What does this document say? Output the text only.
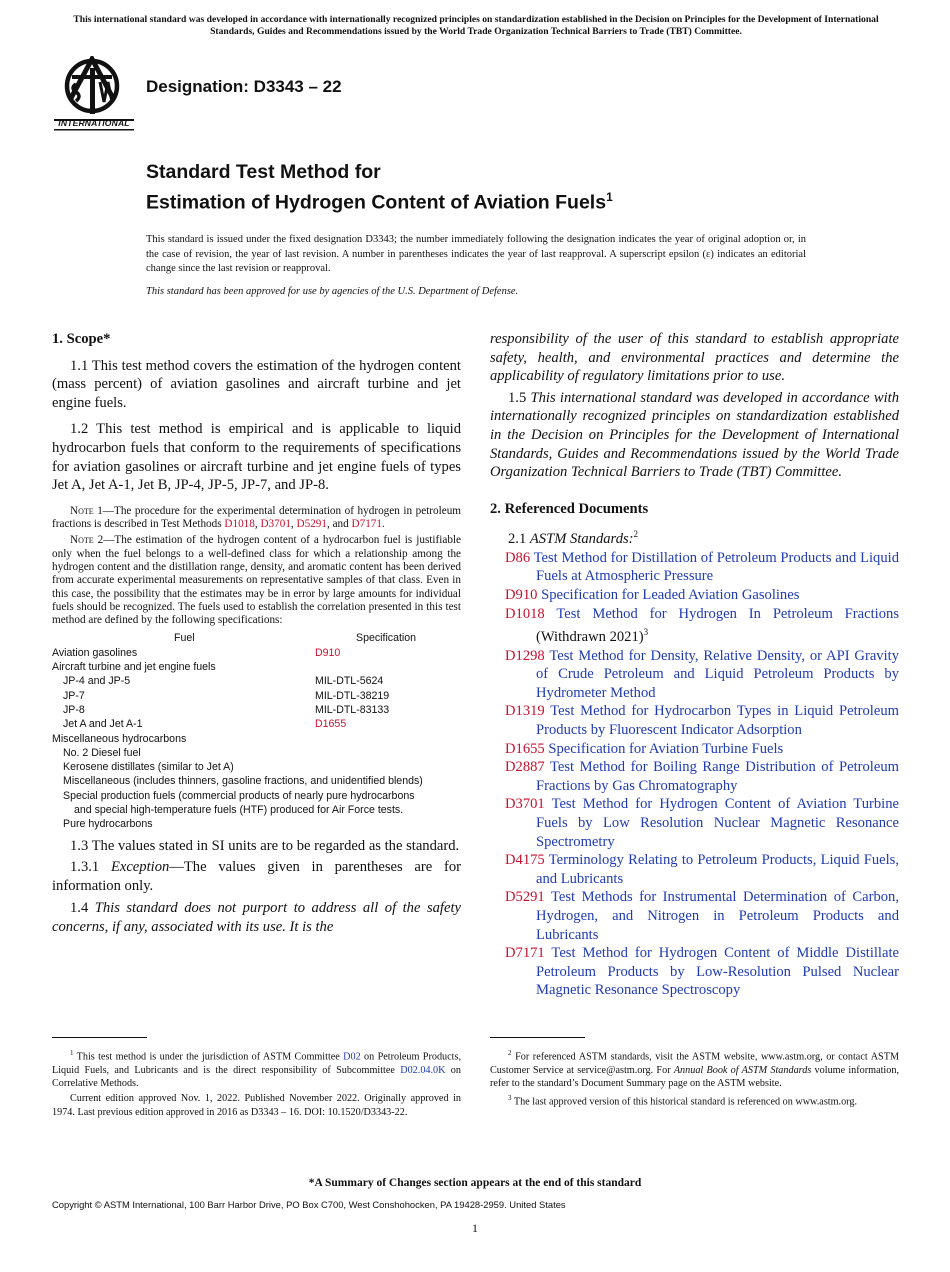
This international standard was developed in accordance with internationally recognized principles on standardization established in the Decision on Principles for the Development of International Standards, Guides and Recommendations issued by the World Trade Organization Technical Barriers to Trade (TBT) Committee.
INTERNATIONAL
Designation: D3343 – 22
Standard Test Method for
Estimation of Hydrogen Content of Aviation Fuels$^1$
This standard is issued under the fixed designation D3343; the number immediately following the designation indicates the year of original adoption or, in the case of revision, the year of last revision. A number in parentheses indicates the year of last reapproval. A superscript epsilon (ε) indicates an editorial change since the last revision or reapproval.
This standard has been approved for use by agencies of the U.S. Department of Defense.

1. Scope*

1.1 This test method covers the estimation of the hydrogen content (mass percent) of aviation gasolines and aircraft turbine and jet engine fuels.

1.2 This test method is empirical and is applicable to liquid hydrocarbon fuels that conform to the requirements of specifications for aviation gasolines or aircraft turbine and jet engine fuels of types Jet A, Jet A-1, Jet B, JP-4, JP-5, JP-7, and JP-8.

Note 1—The procedure for the experimental determination of hydrogen in petroleum fractions is described in Test Methods D1018, D3701, D5291, and D7171.

Note 2—The estimation of the hydrogen content of a hydrocarbon fuel is justifiable only when the fuel belongs to a well-defined class for which a relationship among the hydrogen content and the distillation range, density, and aromatic content has been derived from accurate experimental measurements on representative samples of that class. Even in this case, the possibility that the estimates may be in error by large amounts for individual fuels should be recognized. The fuels used to establish the correlation presented in this test method are defined by the following specifications:

Fuel	Specification
Aviation gasolines	D910
Aircraft turbine and jet engine fuels
JP-4 and JP-5	MIL-DTL-5624
JP-7	MIL-DTL-38219
JP-8	MIL-DTL-83133
Jet A and Jet A-1	D1655
Miscellaneous hydrocarbons
No. 2 Diesel fuel
Kerosene distillates (similar to Jet A)
Miscellaneous (includes thinners, gasoline fractions, and unidentified blends)
Special production fuels (commercial products of nearly pure hydrocarbons
and special high-temperature fuels (HTF) produced for Air Force tests.
Pure hydrocarbons

1.3 The values stated in SI units are to be regarded as the standard.

1.3.1 Exception—The values given in parentheses are for information only.

1.4 This standard does not purport to address all of the safety concerns, if any, associated with its use. It is the

responsibility of the user of this standard to establish appropriate safety, health, and environmental practices and determine the applicability of regulatory limitations prior to use.

1.5 This international standard was developed in accordance with internationally recognized principles on standardization established in the Decision on Principles for the Development of International Standards, Guides and Recommendations issued by the World Trade Organization Technical Barriers to Trade (TBT) Committee.

2. Referenced Documents

2.1 ASTM Standards:$^2$

D86 Test Method for Distillation of Petroleum Products and Liquid Fuels at Atmospheric Pressure

D910 Specification for Leaded Aviation Gasolines

D1018 Test Method for Hydrogen In Petroleum Fractions (Withdrawn 2021)$^3$

D1298 Test Method for Density, Relative Density, or API Gravity of Crude Petroleum and Liquid Petroleum Products by Hydrometer Method

D1319 Test Method for Hydrocarbon Types in Liquid Petroleum Products by Fluorescent Indicator Adsorption

D1655 Specification for Aviation Turbine Fuels

D2887 Test Method for Boiling Range Distribution of Petroleum Fractions by Gas Chromatography

D3701 Test Method for Hydrogen Content of Aviation Turbine Fuels by Low Resolution Nuclear Magnetic Resonance Spectrometry

D4175 Terminology Relating to Petroleum Products, Liquid Fuels, and Lubricants

D5291 Test Methods for Instrumental Determination of Carbon, Hydrogen, and Nitrogen in Petroleum Products and Lubricants

D7171 Test Method for Hydrogen Content of Middle Distillate Petroleum Products by Low-Resolution Pulsed Nuclear Magnetic Resonance Spectroscopy

$^1$ This test method is under the jurisdiction of ASTM Committee D02 on Petroleum Products, Liquid Fuels, and Lubricants and is the direct responsibility of Subcommittee D02.04.0K on Correlative Methods.

Current edition approved Nov. 1, 2022. Published November 2022. Originally approved in 1974. Last previous edition approved in 2016 as D3343 – 16. DOI: 10.1520/D3343-22.

$^2$ For referenced ASTM standards, visit the ASTM website, www.astm.org, or contact ASTM Customer Service at service@astm.org. For Annual Book of ASTM Standards volume information, refer to the standard’s Document Summary page on the ASTM website.

$^3$ The last approved version of this historical standard is referenced on www.astm.org.

*A Summary of Changes section appears at the end of this standard
Copyright © ASTM International, 100 Barr Harbor Drive, PO Box C700, West Conshohocken, PA 19428-2959. United States
1
